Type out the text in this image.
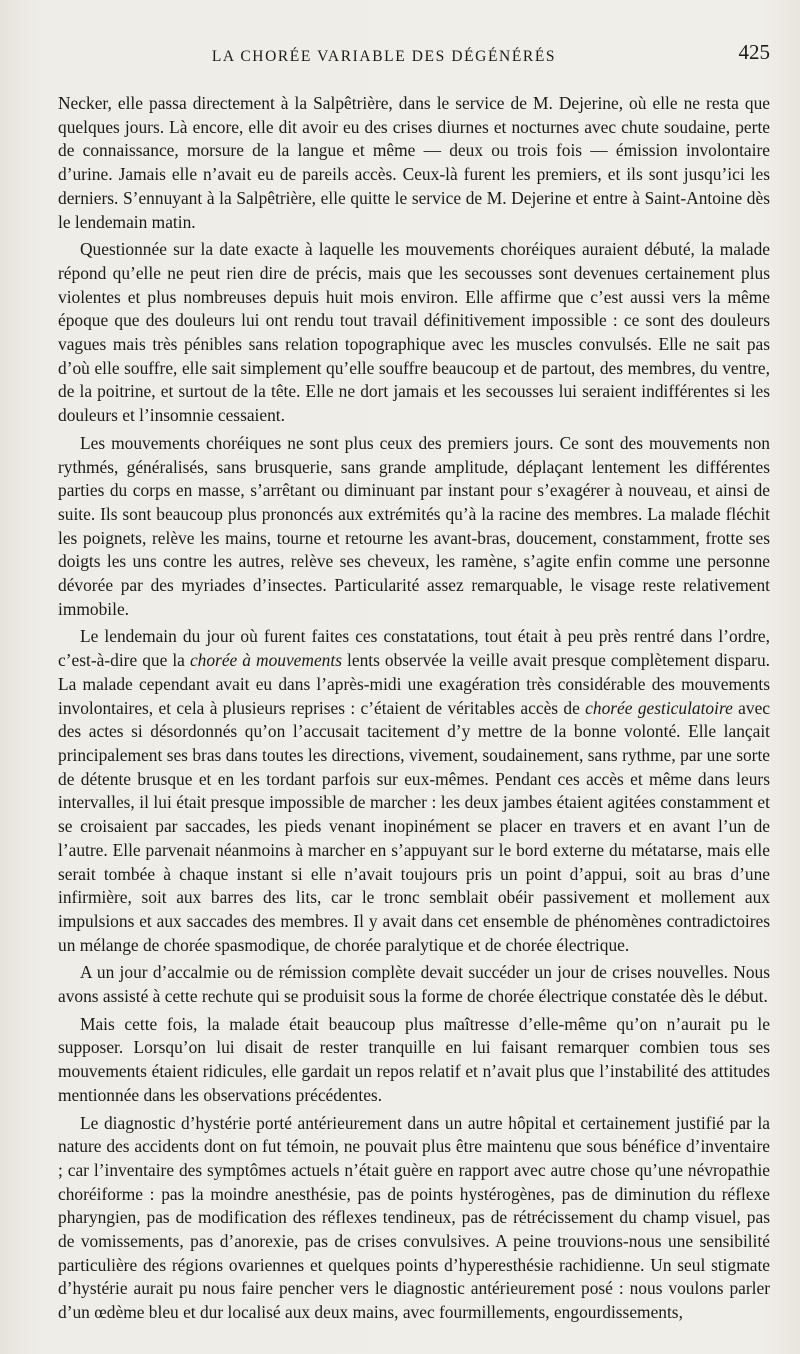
LA CHORÉE VARIABLE DES DÉGÉNÉRÉS	425

Necker, elle passa directement à la Salpêtrière, dans le service de M. Dejerine, où elle ne resta que quelques jours. Là encore, elle dit avoir eu des crises diurnes et nocturnes avec chute soudaine, perte de connaissance, morsure de la langue et même — deux ou trois fois — émission involontaire d’urine. Jamais elle n’avait eu de pareils accès. Ceux-là furent les premiers, et ils sont jusqu’ici les derniers. S’ennuyant à la Salpêtrière, elle quitte le service de M. Dejerine et entre à Saint-Antoine dès le lendemain matin.

Questionnée sur la date exacte à laquelle les mouvements choréiques auraient débuté, la malade répond qu’elle ne peut rien dire de précis, mais que les secousses sont devenues certainement plus violentes et plus nombreuses depuis huit mois environ. Elle affirme que c’est aussi vers la même époque que des douleurs lui ont rendu tout travail définitivement impossible : ce sont des douleurs vagues mais très pénibles sans relation topographique avec les muscles convulsés. Elle ne sait pas d’où elle souffre, elle sait simplement qu’elle souffre beaucoup et de partout, des membres, du ventre, de la poitrine, et surtout de la tête. Elle ne dort jamais et les secousses lui seraient indifférentes si les douleurs et l’insomnie cessaient.

Les mouvements choréiques ne sont plus ceux des premiers jours. Ce sont des mouvements non rythmés, généralisés, sans brusquerie, sans grande amplitude, déplaçant lentement les différentes parties du corps en masse, s’arrêtant ou diminuant par instant pour s’exagérer à nouveau, et ainsi de suite. Ils sont beaucoup plus prononcés aux extrémités qu’à la racine des membres. La malade fléchit les poignets, relève les mains, tourne et retourne les avant-bras, doucement, constamment, frotte ses doigts les uns contre les autres, relève ses cheveux, les ramène, s’agite enfin comme une personne dévorée par des myriades d’insectes. Particularité assez remarquable, le visage reste relativement immobile.

Le lendemain du jour où furent faites ces constatations, tout était à peu près rentré dans l’ordre, c’est-à-dire que la chorée à mouvements lents observée la veille avait presque complètement disparu. La malade cependant avait eu dans l’après-midi une exagération très considérable des mouvements involontaires, et cela à plusieurs reprises : c’étaient de véritables accès de chorée gesticulatoire avec des actes si désordonnés qu’on l’accusait tacitement d’y mettre de la bonne volonté. Elle lançait principalement ses bras dans toutes les directions, vivement, soudainement, sans rythme, par une sorte de détente brusque et en les tordant parfois sur eux-mêmes. Pendant ces accès et même dans leurs intervalles, il lui était presque impossible de marcher : les deux jambes étaient agitées constamment et se croisaient par saccades, les pieds venant inopinément se placer en travers et en avant l’un de l’autre. Elle parvenait néanmoins à marcher en s’appuyant sur le bord externe du métatarse, mais elle serait tombée à chaque instant si elle n’avait toujours pris un point d’appui, soit au bras d’une infirmière, soit aux barres des lits, car le tronc semblait obéir passivement et mollement aux impulsions et aux saccades des membres. Il y avait dans cet ensemble de phénomènes contradictoires un mélange de chorée spasmodique, de chorée paralytique et de chorée électrique.

A un jour d’accalmie ou de rémission complète devait succéder un jour de crises nouvelles. Nous avons assisté à cette rechute qui se produisit sous la forme de chorée électrique constatée dès le début.

Mais cette fois, la malade était beaucoup plus maîtresse d’elle-même qu’on n’aurait pu le supposer. Lorsqu’on lui disait de rester tranquille en lui faisant remarquer combien tous ses mouvements étaient ridicules, elle gardait un repos relatif et n’avait plus que l’instabilité des attitudes mentionnée dans les observations précédentes.

Le diagnostic d’hystérie porté antérieurement dans un autre hôpital et certainement justifié par la nature des accidents dont on fut témoin, ne pouvait plus être maintenu que sous bénéfice d’inventaire ; car l’inventaire des symptômes actuels n’était guère en rapport avec autre chose qu’une névropathie choréiforme : pas la moindre anesthésie, pas de points hystérogènes, pas de diminution du réflexe pharyngien, pas de modification des réflexes tendineux, pas de rétrécissement du champ visuel, pas de vomissements, pas d’anorexie, pas de crises convulsives. A peine trouvions-nous une sensibilité particulière des régions ovariennes et quelques points d’hyperesthésie rachidienne. Un seul stigmate d’hystérie aurait pu nous faire pencher vers le diagnostic antérieurement posé : nous voulons parler d’un œdème bleu et dur localisé aux deux mains, avec fourmillements, engourdissements,
